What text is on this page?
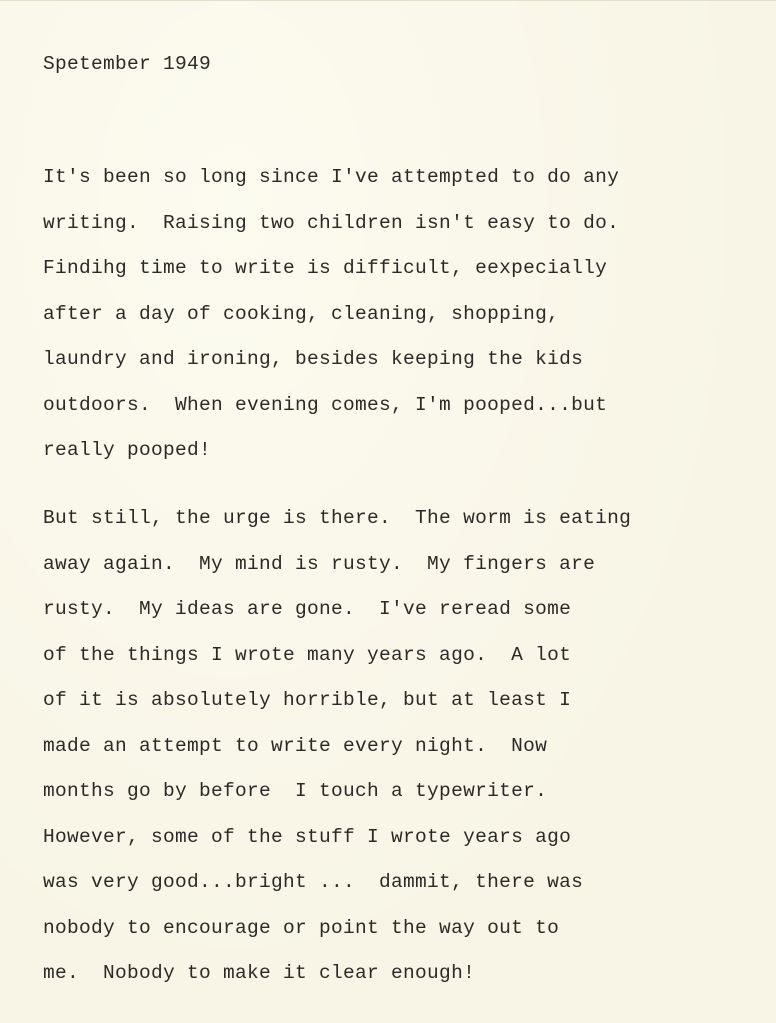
Spetember 1949
It's been so long since I've attempted to do any
writing.  Raising two children isn't easy to do.
Findihg time to write is difficult, eexpecially
after a day of cooking, cleaning, shopping,
laundry and ironing, besides keeping the kids
outdoors.  When evening comes, I'm pooped...but
really pooped!
But still, the urge is there.  The worm is eating
away again.  My mind is rusty.  My fingers are
rusty.  My ideas are gone.  I've reread some
of the things I wrote many years ago.  A lot
of it is absolutely horrible, but at least I
made an attempt to write every night.  Now
months go by before  I touch a typewriter.
However, some of the stuff I wrote years ago
was very good...bright ...  dammit, there was
nobody to encourage or point the way out to
me.  Nobody to make it clear enough!
